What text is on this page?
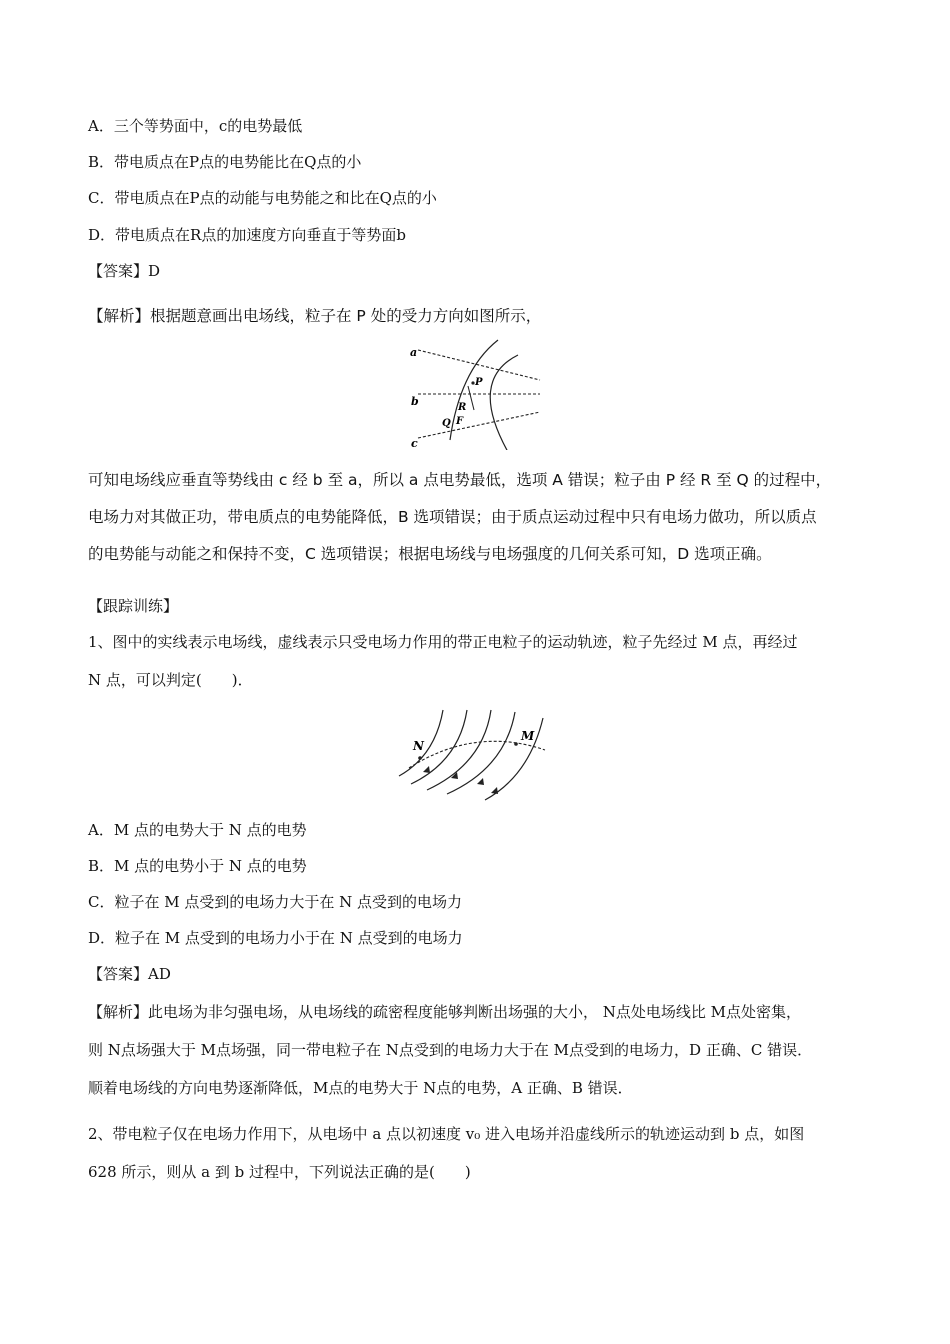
A．三个等势面中，c的电势最低
B．带电质点在P点的电势能比在Q点的小
C．带电质点在P点的动能与电势能之和比在Q点的小
D．带电质点在R点的加速度方向垂直于等势面b
【答案】D
【解析】根据题意画出电场线，粒子在 P 处的受力方向如图所示，
a
b
c
P
R
Q F
可知电场线应垂直等势线由 c 经 b 至 a，所以 a 点电势最低，选项 A 错误；粒子由 P 经 R 至 Q 的过程中，
电场力对其做正功，带电质点的电势能降低，B 选项错误；由于质点运动过程中只有电场力做功，所以质点
的电势能与动能之和保持不变，C 选项错误；根据电场线与电场强度的几何关系可知，D 选项正确。
【跟踪训练】
1、图中的实线表示电场线，虚线表示只受电场力作用的带正电粒子的运动轨迹，粒子先经过 M 点，再经过
N 点，可以判定(　　)．
N
M
A．M 点的电势大于 N 点的电势
B．M 点的电势小于 N 点的电势
C．粒子在 M 点受到的电场力大于在 N 点受到的电场力
D．粒子在 M 点受到的电场力小于在 N 点受到的电场力
【答案】AD
【解析】此电场为非匀强电场，从电场线的疏密程度能够判断出场强的大小， N点处电场线比 M点处密集，
则 N点场强大于 M点场强，同一带电粒子在 N点受到的电场力大于在 M点受到的电场力，D 正确、C 错误．
顺着电场线的方向电势逐渐降低，M点的电势大于 N点的电势，A 正确、B 错误．
2、带电粒子仅在电场力作用下，从电场中 a 点以初速度 v₀ 进入电场并沿虚线所示的轨迹运动到 b 点，如图
628 所示，则从 a 到 b 过程中，下列说法正确的是(　　)
